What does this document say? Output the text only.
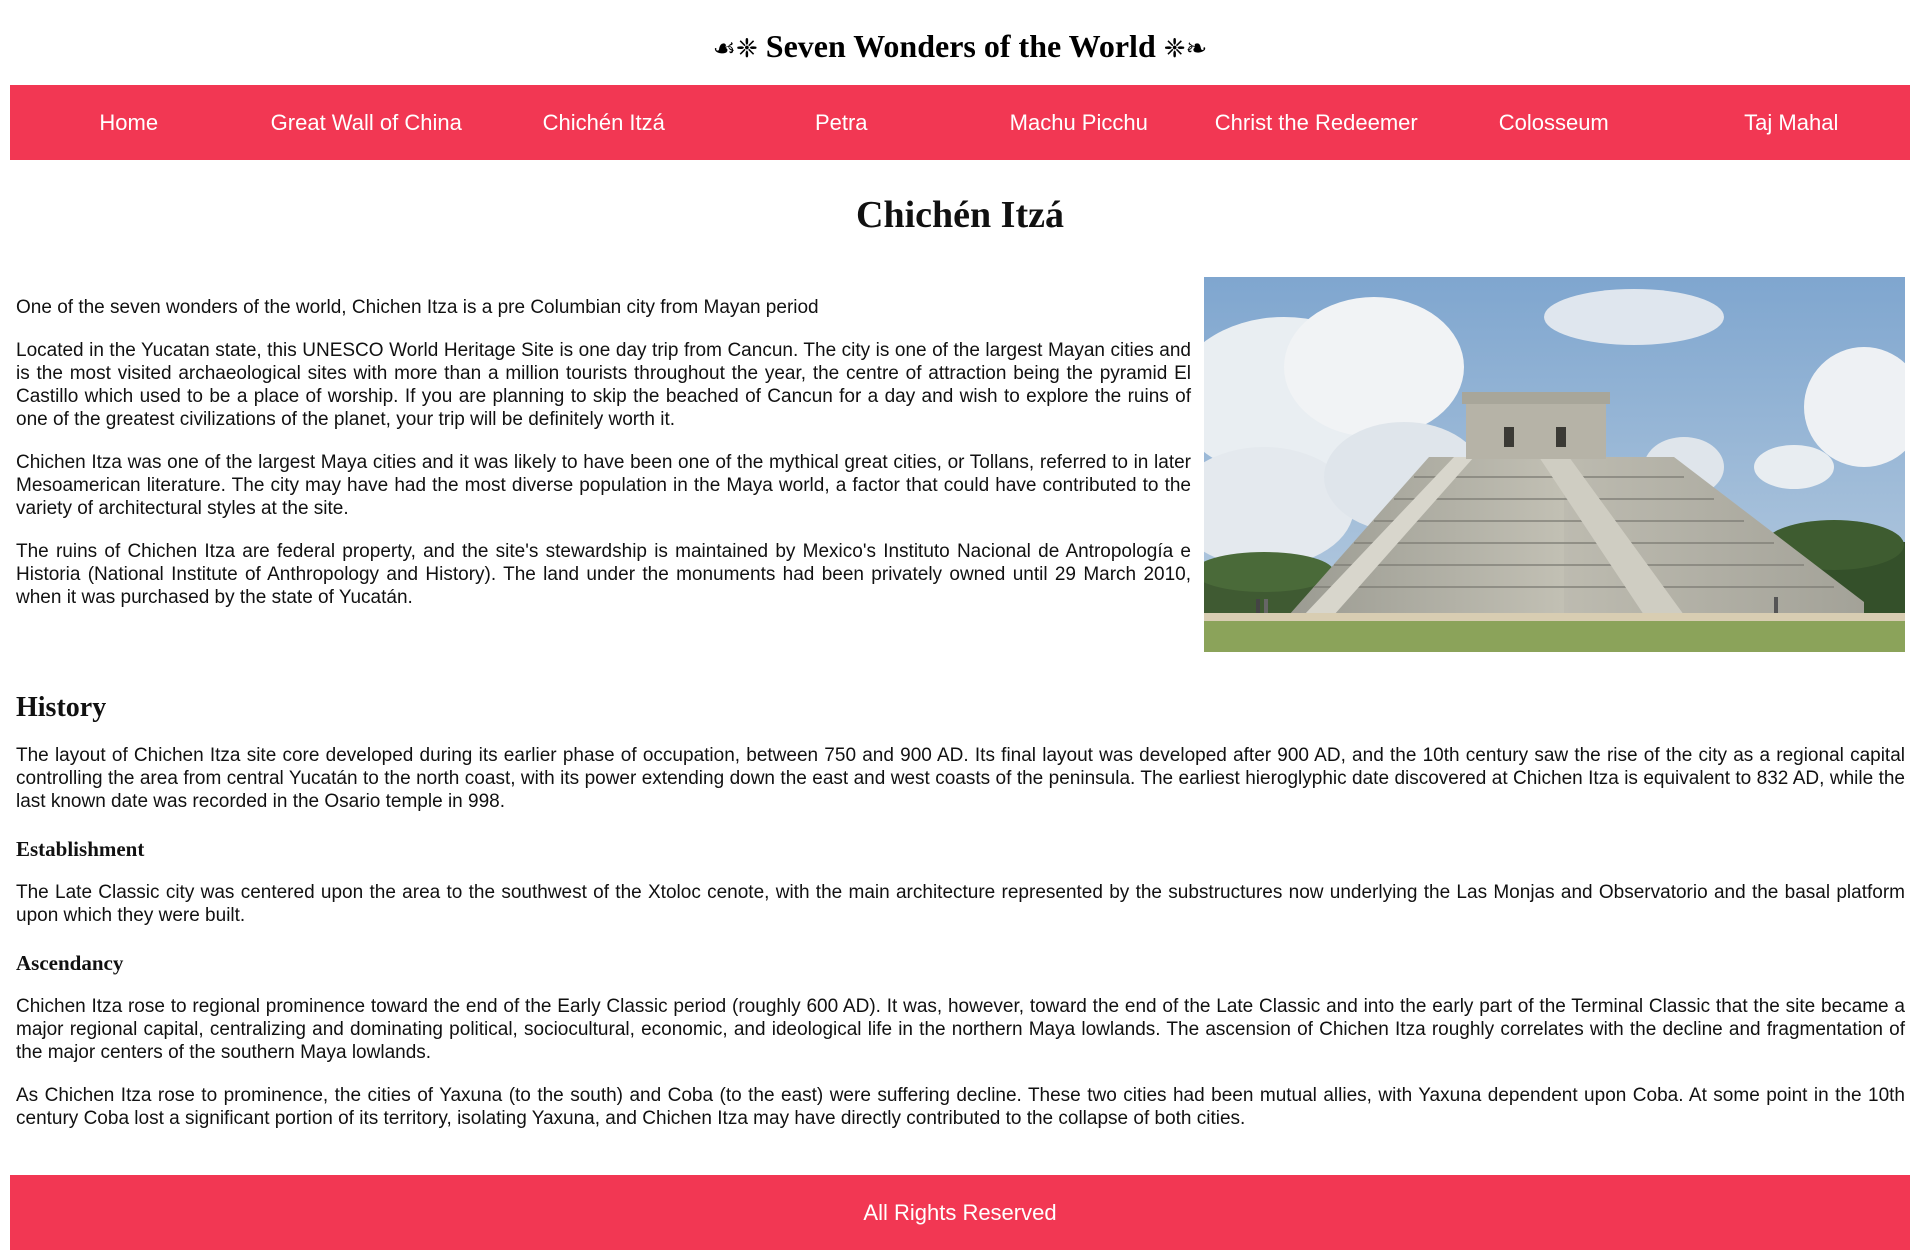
☙❈ Seven Wonders of the World ❈❧
Home	Great Wall of China	Chichén Itzá	Petra	Machu Picchu	Christ the Redeemer	Colosseum	Taj Mahal
Chichén Itzá

One of the seven wonders of the world, Chichen Itza is a pre Columbian city from Mayan period

Located in the Yucatan state, this UNESCO World Heritage Site is one day trip from Cancun. The city is one of the largest Mayan cities and is the most visited archaeological sites with more than a million tourists throughout the year, the centre of attraction being the pyramid El Castillo which used to be a place of worship. If you are planning to skip the beached of Cancun for a day and wish to explore the ruins of one of the greatest civilizations of the planet, your trip will be definitely worth it.

Chichen Itza was one of the largest Maya cities and it was likely to have been one of the mythical great cities, or Tollans, referred to in later Mesoamerican literature. The city may have had the most diverse population in the Maya world, a factor that could have contributed to the variety of architectural styles at the site.

The ruins of Chichen Itza are federal property, and the site's stewardship is maintained by Mexico's Instituto Nacional de Antropología e Historia (National Institute of Anthropology and History). The land under the monuments had been privately owned until 29 March 2010, when it was purchased by the state of Yucatán.

History

The layout of Chichen Itza site core developed during its earlier phase of occupation, between 750 and 900 AD. Its final layout was developed after 900 AD, and the 10th century saw the rise of the city as a regional capital controlling the area from central Yucatán to the north coast, with its power extending down the east and west coasts of the peninsula. The earliest hieroglyphic date discovered at Chichen Itza is equivalent to 832 AD, while the last known date was recorded in the Osario temple in 998.

Establishment

The Late Classic city was centered upon the area to the southwest of the Xtoloc cenote, with the main architecture represented by the substructures now underlying the Las Monjas and Observatorio and the basal platform upon which they were built.

Ascendancy

Chichen Itza rose to regional prominence toward the end of the Early Classic period (roughly 600 AD). It was, however, toward the end of the Late Classic and into the early part of the Terminal Classic that the site became a major regional capital, centralizing and dominating political, sociocultural, economic, and ideological life in the northern Maya lowlands. The ascension of Chichen Itza roughly correlates with the decline and fragmentation of the major centers of the southern Maya lowlands.

As Chichen Itza rose to prominence, the cities of Yaxuna (to the south) and Coba (to the east) were suffering decline. These two cities had been mutual allies, with Yaxuna dependent upon Coba. At some point in the 10th century Coba lost a significant portion of its territory, isolating Yaxuna, and Chichen Itza may have directly contributed to the collapse of both cities.

All Rights Reserved
